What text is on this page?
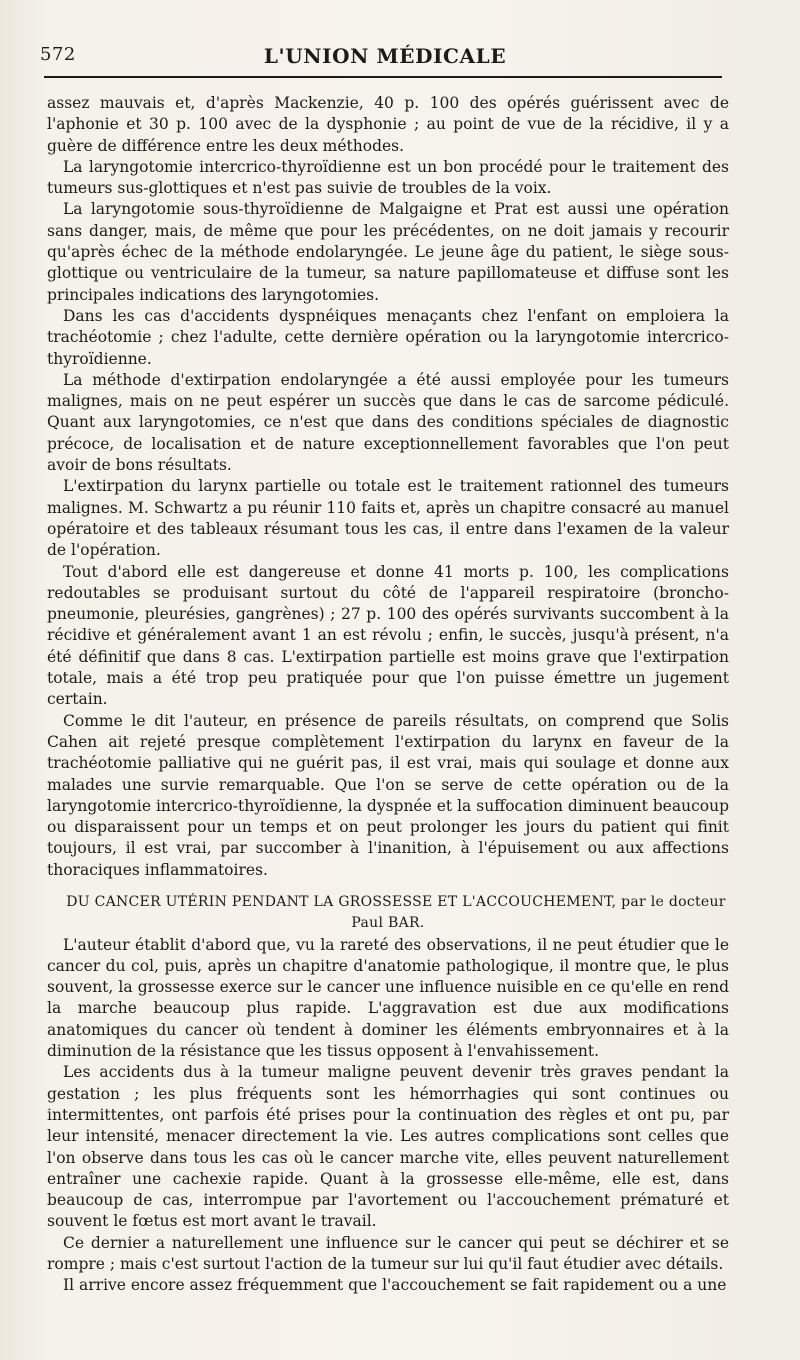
572	L'UNION MÉDICALE

assez mauvais et, d'après Mackenzie, 40 p. 100 des opérés guérissent avec de l'aphonie et 30 p. 100 avec de la dysphonie ; au point de vue de la récidive, il y a guère de différence entre les deux méthodes.

La laryngotomie intercrico-thyroïdienne est un bon procédé pour le traitement des tumeurs sus-glottiques et n'est pas suivie de troubles de la voix.

La laryngotomie sous-thyroïdienne de Malgaigne et Prat est aussi une opération sans danger, mais, de même que pour les précédentes, on ne doit jamais y recourir qu'après échec de la méthode endolaryngée. Le jeune âge du patient, le siège sous-glottique ou ventriculaire de la tumeur, sa nature papillomateuse et diffuse sont les principales indications des laryngotomies.

Dans les cas d'accidents dyspnéiques menaçants chez l'enfant on emploiera la trachéotomie ; chez l'adulte, cette dernière opération ou la laryngotomie intercrico-thyroïdienne.

La méthode d'extirpation endolaryngée a été aussi employée pour les tumeurs malignes, mais on ne peut espérer un succès que dans le cas de sarcome pédiculé. Quant aux laryngotomies, ce n'est que dans des conditions spéciales de diagnostic précoce, de localisation et de nature exceptionnellement favorables que l'on peut avoir de bons résultats.

L'extirpation du larynx partielle ou totale est le traitement rationnel des tumeurs malignes. M. Schwartz a pu réunir 110 faits et, après un chapitre consacré au manuel opératoire et des tableaux résumant tous les cas, il entre dans l'examen de la valeur de l'opération.

Tout d'abord elle est dangereuse et donne 41 morts p. 100, les complications redoutables se produisant surtout du côté de l'appareil respiratoire (broncho-pneumonie, pleurésies, gangrènes) ; 27 p. 100 des opérés survivants succombent à la récidive et généralement avant 1 an est révolu ; enfin, le succès, jusqu'à présent, n'a été définitif que dans 8 cas. L'extirpation partielle est moins grave que l'extirpation totale, mais a été trop peu pratiquée pour que l'on puisse émettre un jugement certain.

Comme le dit l'auteur, en présence de pareils résultats, on comprend que Solis Cahen ait rejeté presque complètement l'extirpation du larynx en faveur de la trachéotomie palliative qui ne guérit pas, il est vrai, mais qui soulage et donne aux malades une survie remarquable. Que l'on se serve de cette opération ou de la laryngotomie intercrico-thyroïdienne, la dyspnée et la suffocation diminuent beaucoup ou disparaissent pour un temps et on peut prolonger les jours du patient qui finit toujours, il est vrai, par succomber à l'inanition, à l'épuisement ou aux affections thoraciques inflammatoires.

DU CANCER UTÉRIN PENDANT LA GROSSESSE ET L'ACCOUCHEMENT, par le docteur Paul BAR.

L'auteur établit d'abord que, vu la rareté des observations, il ne peut étudier que le cancer du col, puis, après un chapitre d'anatomie pathologique, il montre que, le plus souvent, la grossesse exerce sur le cancer une influence nuisible en ce qu'elle en rend la marche beaucoup plus rapide. L'aggravation est due aux modifications anatomiques du cancer où tendent à dominer les éléments embryonnaires et à la diminution de la résistance que les tissus opposent à l'envahissement.

Les accidents dus à la tumeur maligne peuvent devenir très graves pendant la gestation ; les plus fréquents sont les hémorrhagies qui sont continues ou intermittentes, ont parfois été prises pour la continuation des règles et ont pu, par leur intensité, menacer directement la vie. Les autres complications sont celles que l'on observe dans tous les cas où le cancer marche vite, elles peuvent naturellement entraîner une cachexie rapide. Quant à la grossesse elle-même, elle est, dans beaucoup de cas, interrompue par l'avortement ou l'accouchement prématuré et souvent le fœtus est mort avant le travail.

Ce dernier a naturellement une influence sur le cancer qui peut se déchirer et se rompre ; mais c'est surtout l'action de la tumeur sur lui qu'il faut étudier avec détails.

Il arrive encore assez fréquemment que l'accouchement se fait rapidement ou a une
